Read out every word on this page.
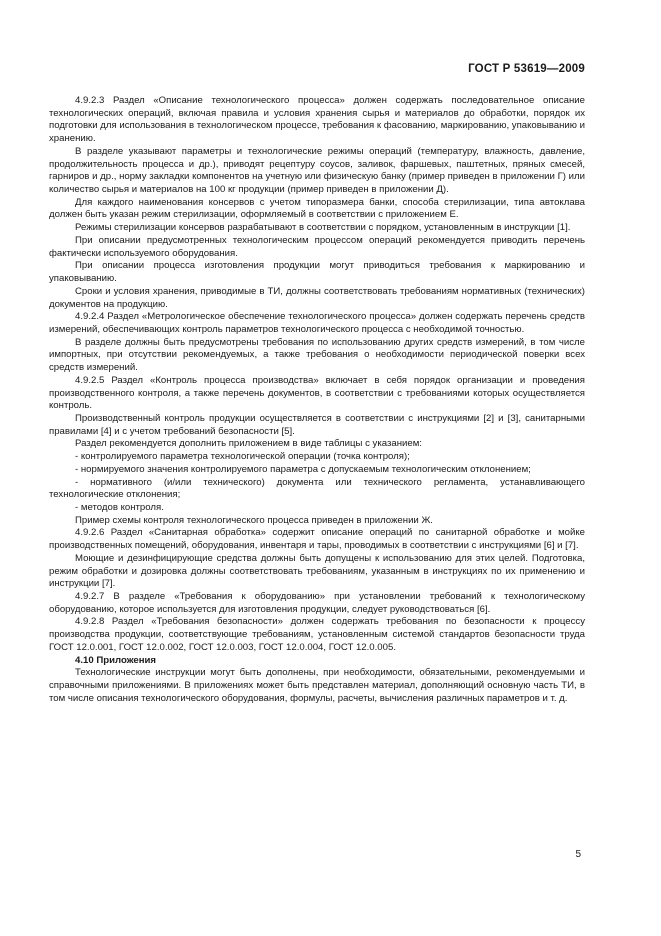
ГОСТ Р 53619—2009

4.9.2.3 Раздел «Описание технологического процесса» должен содержать последовательное описание технологических операций, включая правила и условия хранения сырья и материалов до обработки, порядок их подготовки для использования в технологическом процессе, требования к фасованию, маркированию, упаковыванию и хранению.

В разделе указывают параметры и технологические режимы операций (температуру, влажность, давление, продолжительность процесса и др.), приводят рецептуру соусов, заливок, фаршевых, паштетных, пряных смесей, гарниров и др., норму закладки компонентов на учетную или физическую банку (пример приведен в приложении Г) или количество сырья и материалов на 100 кг продукции (пример приведен в приложении Д).

Для каждого наименования консервов с учетом типоразмера банки, способа стерилизации, типа автоклава должен быть указан режим стерилизации, оформляемый в соответствии с приложением Е.

Режимы стерилизации консервов разрабатывают в соответствии с порядком, установленным в инструкции [1].

При описании предусмотренных технологическим процессом операций рекомендуется приводить перечень фактически используемого оборудования.

При описании процесса изготовления продукции могут приводиться требования к маркированию и упаковыванию.

Сроки и условия хранения, приводимые в ТИ, должны соответствовать требованиям нормативных (технических) документов на продукцию.

4.9.2.4 Раздел «Метрологическое обеспечение технологического процесса» должен содержать перечень средств измерений, обеспечивающих контроль параметров технологического процесса с необходимой точностью.

В разделе должны быть предусмотрены требования по использованию других средств измерений, в том числе импортных, при отсутствии рекомендуемых, а также требования о необходимости периодической поверки всех средств измерений.

4.9.2.5 Раздел «Контроль процесса производства» включает в себя порядок организации и проведения производственного контроля, а также перечень документов, в соответствии с требованиями которых осуществляется контроль.

Производственный контроль продукции осуществляется в соответствии с инструкциями [2] и [3], санитарными правилами [4] и с учетом требований безопасности [5].

Раздел рекомендуется дополнить приложением в виде таблицы с указанием:

- контролируемого параметра технологической операции (точка контроля);

- нормируемого значения контролируемого параметра с допускаемым технологическим отклонением;

- нормативного (и/или технического) документа или технического регламента, устанавливающего технологические отклонения;

- методов контроля.

Пример схемы контроля технологического процесса приведен в приложении Ж.

4.9.2.6 Раздел «Санитарная обработка» содержит описание операций по санитарной обработке и мойке производственных помещений, оборудования, инвентаря и тары, проводимых в соответствии с инструкциями [6] и [7].

Моющие и дезинфицирующие средства должны быть допущены к использованию для этих целей. Подготовка, режим обработки и дозировка должны соответствовать требованиям, указанным в инструкциях по их применению и инструкции [7].

4.9.2.7 В разделе «Требования к оборудованию» при установлении требований к технологическому оборудованию, которое используется для изготовления продукции, следует руководствоваться [6].

4.9.2.8 Раздел «Требования безопасности» должен содержать требования по безопасности к процессу производства продукции, соответствующие требованиям, установленным системой стандартов безопасности труда ГОСТ 12.0.001, ГОСТ 12.0.002, ГОСТ 12.0.003, ГОСТ 12.0.004, ГОСТ 12.0.005.

4.10 Приложения

Технологические инструкции могут быть дополнены, при необходимости, обязательными, рекомендуемыми и справочными приложениями. В приложениях может быть представлен материал, дополняющий основную часть ТИ, в том числе описания технологического оборудования, формулы, расчеты, вычисления различных параметров и т. д.

5
